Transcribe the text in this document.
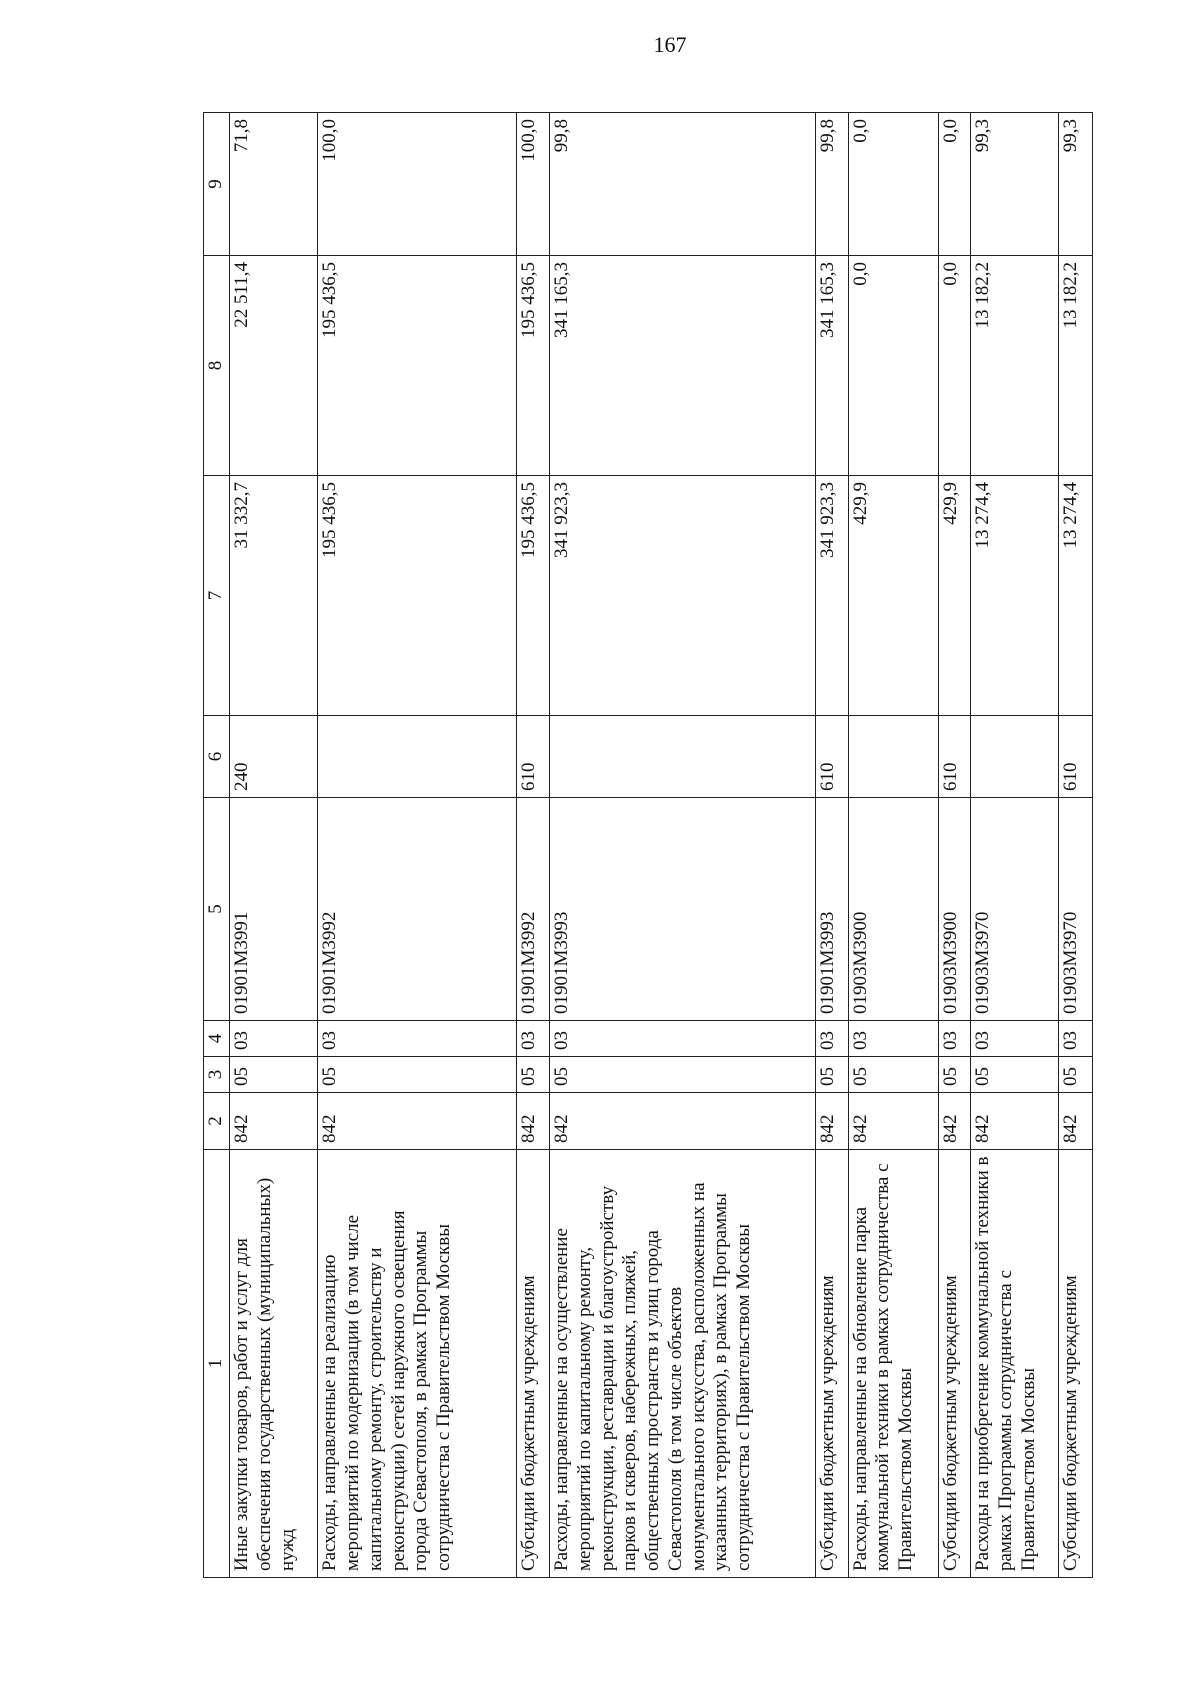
167
1	2	3	4	5	6	7	8	9
Иные закупки товаров, работ и услуг для обеспечения государственных (муниципальных) нужд	842	05	03	01901М3991	240	31 332,7	22 511,4	71,8
Расходы, направленные на реализацию мероприятий по модернизации (в том числе капитальному ремонту, строительству и реконструкции) сетей наружного освещения города Севастополя, в рамках Программы сотрудничества с Правительством Москвы	842	05	03	01901М3992		195 436,5	195 436,5	100,0
Субсидии бюджетным учреждениям	842	05	03	01901М3992	610	195 436,5	195 436,5	100,0
Расходы, направленные на осуществление мероприятий по капитальному ремонту, реконструкции, реставрации и благоустройству парков и скверов, набережных, пляжей, общественных пространств и улиц города Севастополя (в том числе объектов монументального искусства, расположенных на указанных территориях), в рамках Программы сотрудничества с Правительством Москвы	842	05	03	01901М3993		341 923,3	341 165,3	99,8
Субсидии бюджетным учреждениям	842	05	03	01901М3993	610	341 923,3	341 165,3	99,8
Расходы, направленные на обновление парка коммунальной техники в рамках сотрудничества с Правительством Москвы	842	05	03	01903М3900		429,9	0,0	0,0
Субсидии бюджетным учреждениям	842	05	03	01903М3900	610	429,9	0,0	0,0
Расходы на приобретение коммунальной техники в рамках Программы сотрудничества с Правительством Москвы	842	05	03	01903М3970		13 274,4	13 182,2	99,3
Субсидии бюджетным учреждениям	842	05	03	01903М3970	610	13 274,4	13 182,2	99,3
